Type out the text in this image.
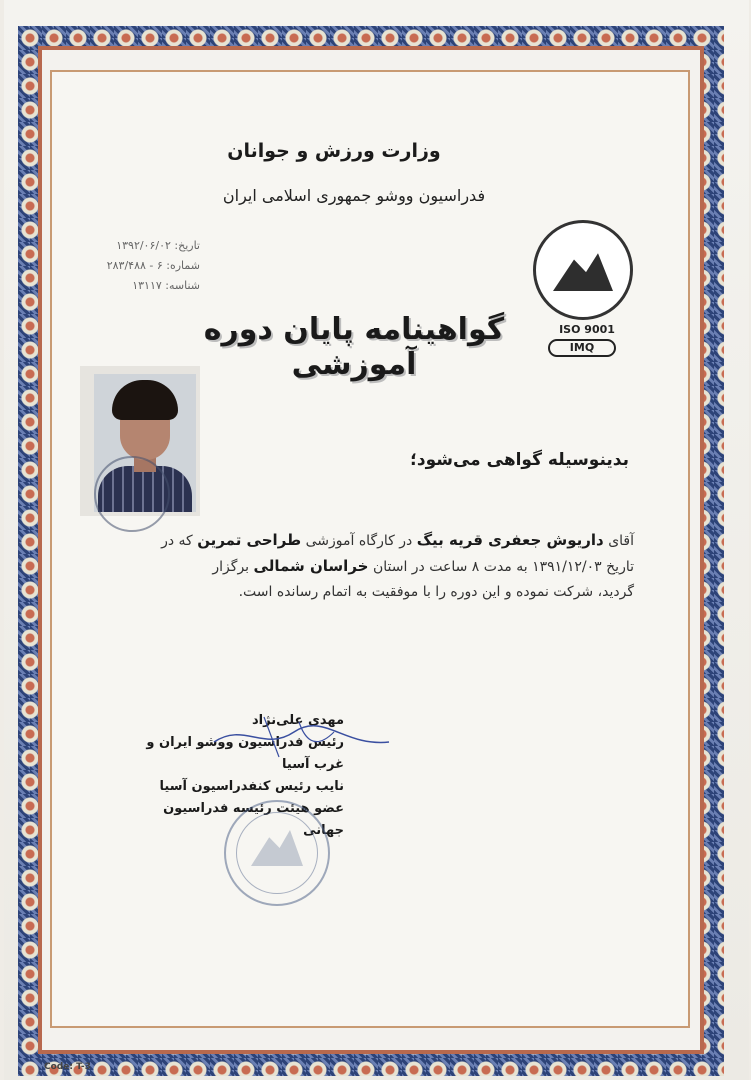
وزارت ورزش و جوانان
فدراسیون ووشو جمهوری اسلامی ایران
تاریخ: ۱۳۹۲/۰۶/۰۲
شماره: ۶ - ۲۸۳/۴۸۸
شناسه: ۱۳۱۱۷
ISO 9001
IMQ
گواهینامه پایان دوره آموزشی
بدینوسیله گواهی می‌شود؛
آقای داریوش جعفری قریه بیگ در کارگاه آموزشی طراحی تمرین که در
تاریخ ۱۳۹۱/۱۲/۰۳ به مدت ۸ ساعت در استان خراسان شمالی برگزار
گردید، شرکت نموده و این دوره را با موفقیت به اتمام رسانده است.
مهدی علی‌نژاد
رئیس فدراسیون ووشو ایران و غرب آسیا
نایب رئیس کنفدراسیون آسیا
عضو هیئت رئیسه فدراسیون جهانی
Code: T-3
